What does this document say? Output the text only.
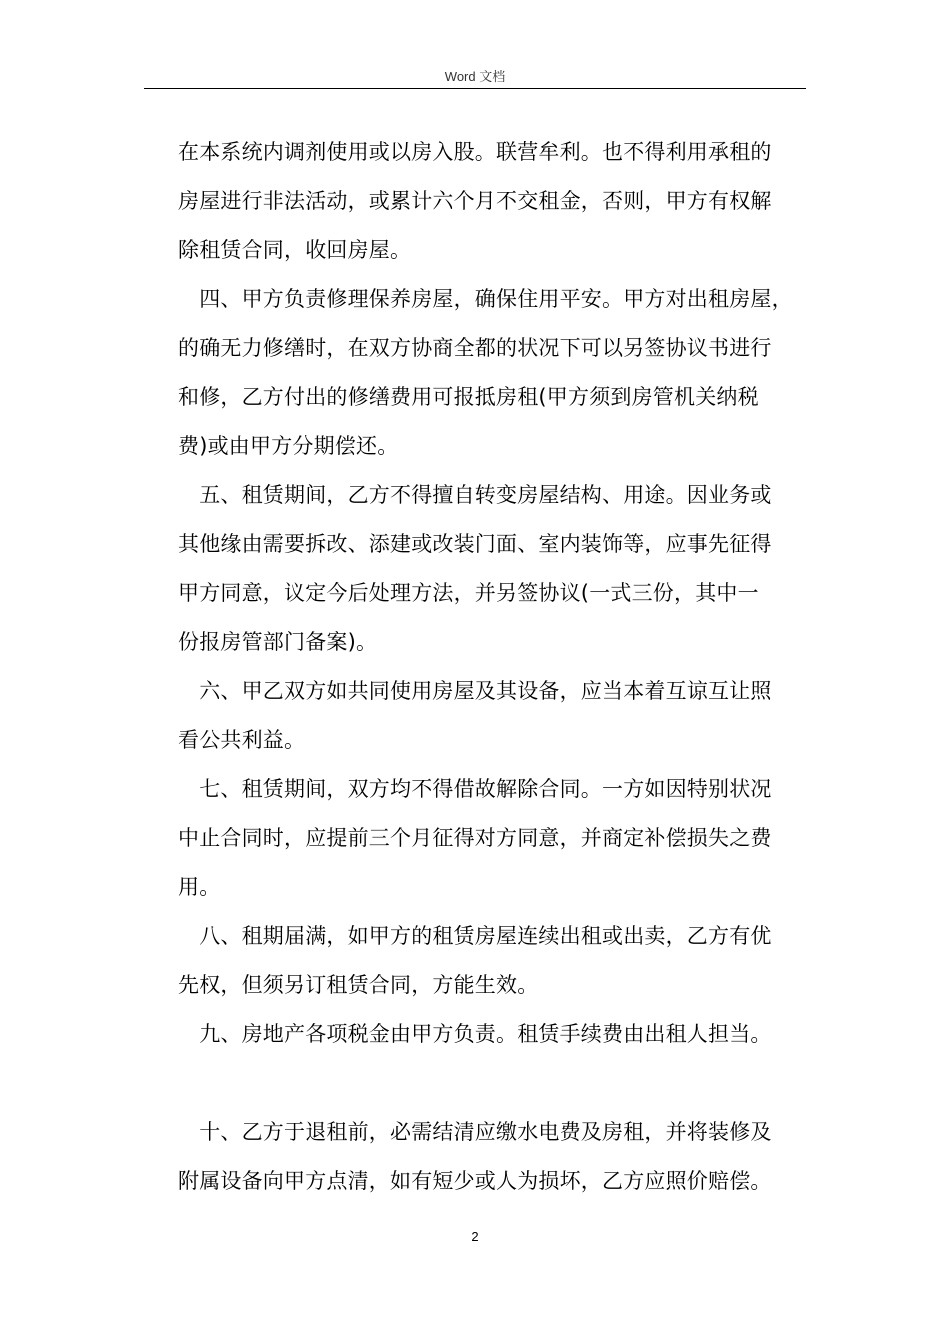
Word 文档
在本系统内调剂使用或以房入股。联营牟利。也不得利用承租的
房屋进行非法活动，或累计六个月不交租金，否则，甲方有权解
除租赁合同，收回房屋。
　四、甲方负责修理保养房屋，确保住用平安。甲方对出租房屋，
的确无力修缮时，在双方协商全都的状况下可以另签协议书进行
和修，乙方付出的修缮费用可报抵房租(甲方须到房管机关纳税
费)或由甲方分期偿还。
　五、租赁期间，乙方不得擅自转变房屋结构、用途。因业务或
其他缘由需要拆改、添建或改装门面、室内装饰等，应事先征得
甲方同意，议定今后处理方法，并另签协议(一式三份，其中一
份报房管部门备案)。
　六、甲乙双方如共同使用房屋及其设备，应当本着互谅互让照
看公共利益。
　七、租赁期间，双方均不得借故解除合同。一方如因特别状况
中止合同时，应提前三个月征得对方同意，并商定补偿损失之费
用。
　八、租期届满，如甲方的租赁房屋连续出租或出卖，乙方有优
先权，但须另订租赁合同，方能生效。
　九、房地产各项税金由甲方负责。租赁手续费由出租人担当。
　十、乙方于退租前，必需结清应缴水电费及房租，并将装修及
附属设备向甲方点清，如有短少或人为损坏，乙方应照价赔偿。
2
